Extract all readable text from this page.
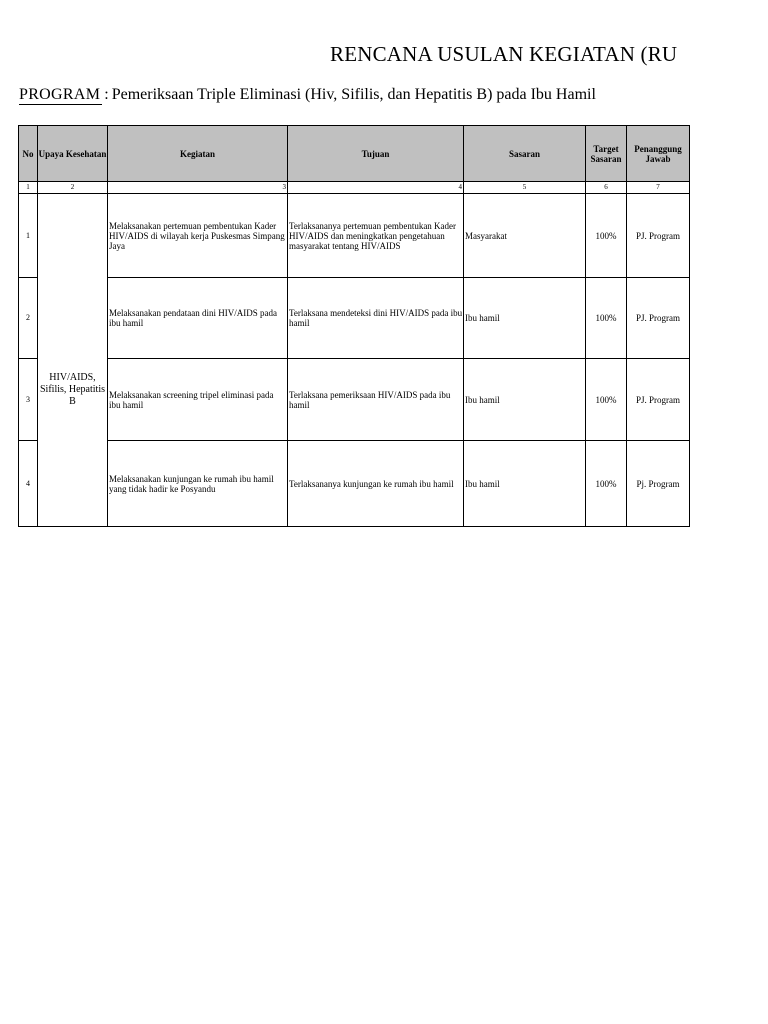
RENCANA USULAN KEGIATAN (RU
PROGRAM : Pemeriksaan Triple Eliminasi (Hiv, Sifilis, dan Hepatitis B) pada Ibu Hamil
No	Upaya Kesehatan	Kegiatan	Tujuan	Sasaran	Target Sasaran	Penanggung Jawab
1	2	3	4	5	6	7
1	HIV/AIDS, Sifilis, Hepatitis B	Melaksanakan pertemuan pembentukan Kader HIV/AIDS di wilayah kerja Puskesmas Simpang Jaya	Terlaksananya pertemuan pembentukan Kader HIV/AIDS dan meningkatkan pengetahuan masyarakat tentang HIV/AIDS	Masyarakat	100%	PJ. Program
2		Melaksanakan pendataan dini HIV/AIDS pada ibu hamil	Terlaksana mendeteksi dini HIV/AIDS pada ibu hamil	Ibu hamil	100%	PJ. Program
3		Melaksanakan screening tripel eliminasi pada ibu hamil	Terlaksana pemeriksaan HIV/AIDS pada ibu hamil	Ibu hamil	100%	PJ. Program
4		Melaksanakan kunjungan ke rumah ibu hamil yang tidak hadir ke Posyandu	Terlaksananya kunjungan ke rumah ibu hamil	Ibu hamil	100%	Pj. Program
